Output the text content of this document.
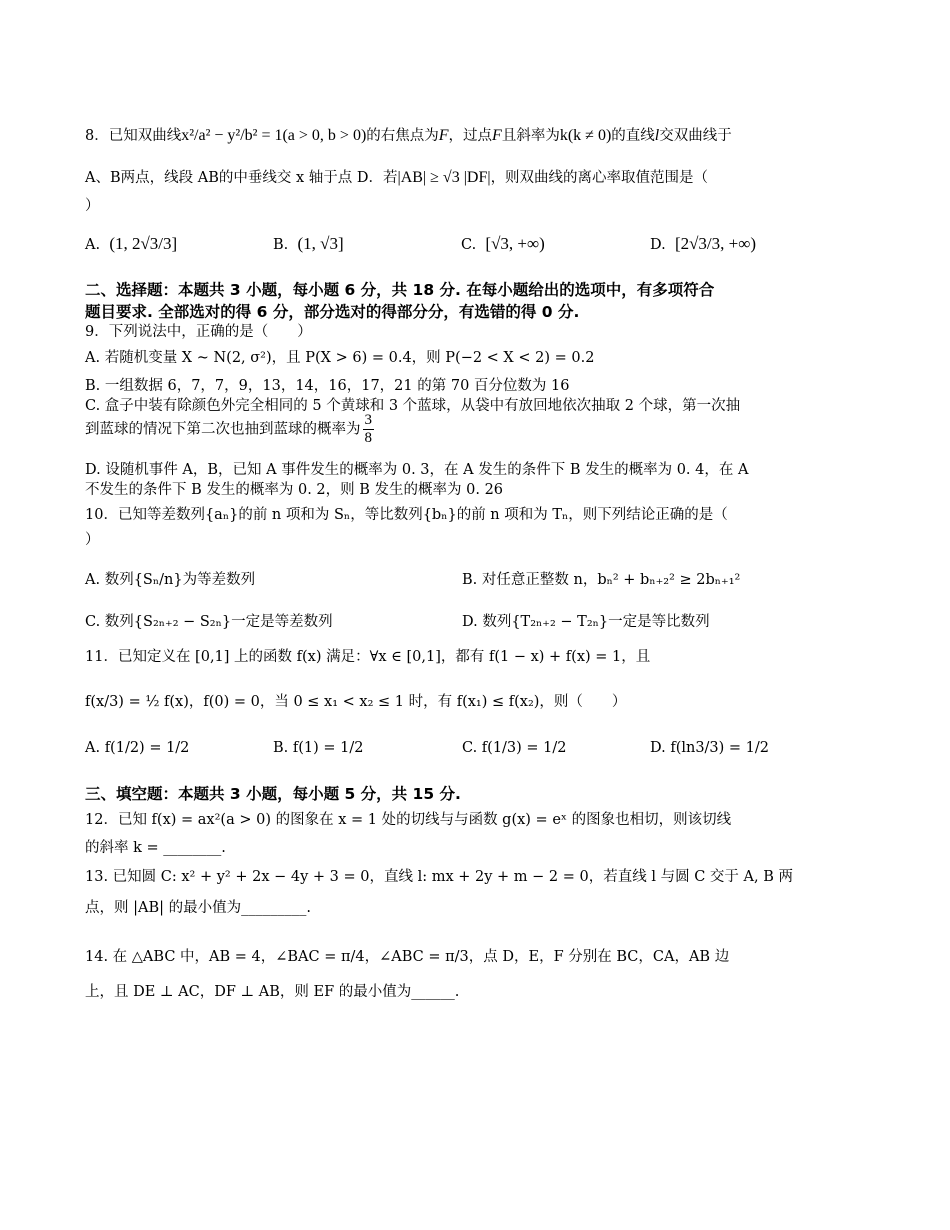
8．已知双曲线x²/a² − y²/b² = 1(a > 0, b > 0)的右焦点为F，过点F且斜率为k(k ≠ 0)的直线l交双曲线于
A、B两点，线段 AB的中垂线交 x 轴于点 D．若|AB| ≥ √3 |DF|，则双曲线的离心率取值范围是（
）
A. (1, 2√3/3]	B. (1, √3]	C. [√3, +∞)	D. [2√3/3, +∞)
二、选择题：本题共 3 小题，每小题 6 分，共 18 分. 在每小题给出的选项中，有多项符合
题目要求. 全部选对的得 6 分，部分选对的得部分分，有选错的得 0 分.
9．下列说法中，正确的是（　　）
A. 若随机变量 X ~ N(2, σ²)，且 P(X > 6) = 0.4，则 P(−2 < X < 2) = 0.2
B. 一组数据 6，7，7，9，13，14，16，17，21 的第 70 百分位数为 16
C. 盒子中装有除颜色外完全相同的 5 个黄球和 3 个蓝球，从袋中有放回地依次抽取 2 个球，第一次抽
到蓝球的情况下第二次也抽到蓝球的概率为 $\frac{3}{8}$
D. 设随机事件 A，B，已知 A 事件发生的概率为 0. 3，在 A 发生的条件下 B 发生的概率为 0. 4，在 A
不发生的条件下 B 发生的概率为 0. 2，则 B 发生的概率为 0. 26
10．已知等差数列{aₙ}的前 n 项和为 Sₙ，等比数列{bₙ}的前 n 项和为 Tₙ，则下列结论正确的是（
）
A. 数列{Sₙ/n}为等差数列	B. 对任意正整数 n，bₙ² + bₙ₊₂² ≥ 2bₙ₊₁²
C. 数列{S₂ₙ₊₂ − S₂ₙ}一定是等差数列	D. 数列{T₂ₙ₊₂ − T₂ₙ}一定是等比数列
11．已知定义在 [0,1] 上的函数 f(x) 满足：∀x ∈ [0,1]，都有 f(1 − x) + f(x) = 1，且
f(x/3) = ½ f(x)，f(0) = 0，当 0 ≤ x₁ < x₂ ≤ 1 时，有 f(x₁) ≤ f(x₂)，则（　　）
A. f(1/2) = 1/2	B. f(1) = 1/2	C. f(1/3) = 1/2	D. f(ln3/3) = 1/2
三、填空题：本题共 3 小题，每小题 5 分，共 15 分.
12．已知 f(x) = ax²(a > 0) 的图象在 x = 1 处的切线与与函数 g(x) = eˣ 的图象也相切，则该切线
的斜率 k = ________.
13. 已知圆 C: x² + y² + 2x − 4y + 3 = 0，直线 l: mx + 2y + m − 2 = 0，若直线 l 与圆 C 交于 A, B 两
点，则 |AB| 的最小值为_________.
14. 在 △ABC 中，AB = 4，∠BAC = π/4，∠ABC = π/3，点 D，E，F 分别在 BC，CA，AB 边
上，且 DE ⊥ AC，DF ⊥ AB，则 EF 的最小值为______.
